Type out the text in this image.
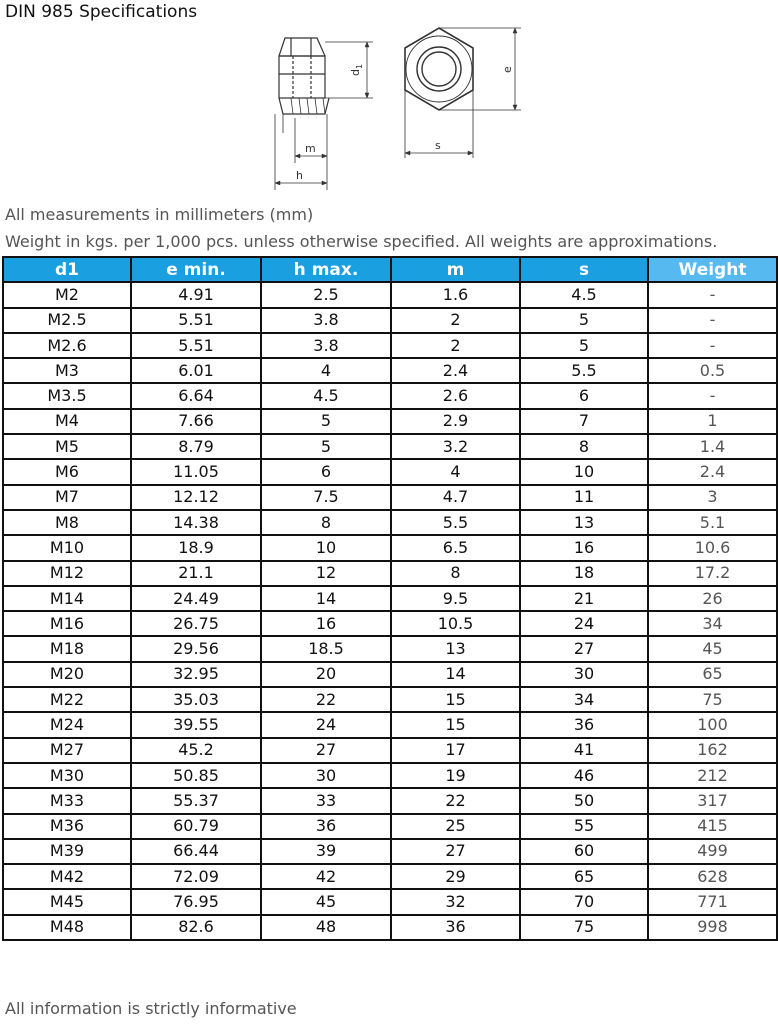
DIN 985 Specifications
$d_1$	e
m
h
s
All measurements in millimeters (mm)
Weight in kgs. per 1,000 pcs. unless otherwise specified. All weights are approximations.
d1	e min.	h max.	m	s	Weight
M2	4.91	2.5	1.6	4.5	-
M2.5	5.51	3.8	2	5	-
M2.6	5.51	3.8	2	5	-
M3	6.01	4	2.4	5.5	0.5
M3.5	6.64	4.5	2.6	6	-
M4	7.66	5	2.9	7	1
M5	8.79	5	3.2	8	1.4
M6	11.05	6	4	10	2.4
M7	12.12	7.5	4.7	11	3
M8	14.38	8	5.5	13	5.1
M10	18.9	10	6.5	16	10.6
M12	21.1	12	8	18	17.2
M14	24.49	14	9.5	21	26
M16	26.75	16	10.5	24	34
M18	29.56	18.5	13	27	45
M20	32.95	20	14	30	65
M22	35.03	22	15	34	75
M24	39.55	24	15	36	100
M27	45.2	27	17	41	162
M30	50.85	30	19	46	212
M33	55.37	33	22	50	317
M36	60.79	36	25	55	415
M39	66.44	39	27	60	499
M42	72.09	42	29	65	628
M45	76.95	45	32	70	771
M48	82.6	48	36	75	998
All information is strictly informative
